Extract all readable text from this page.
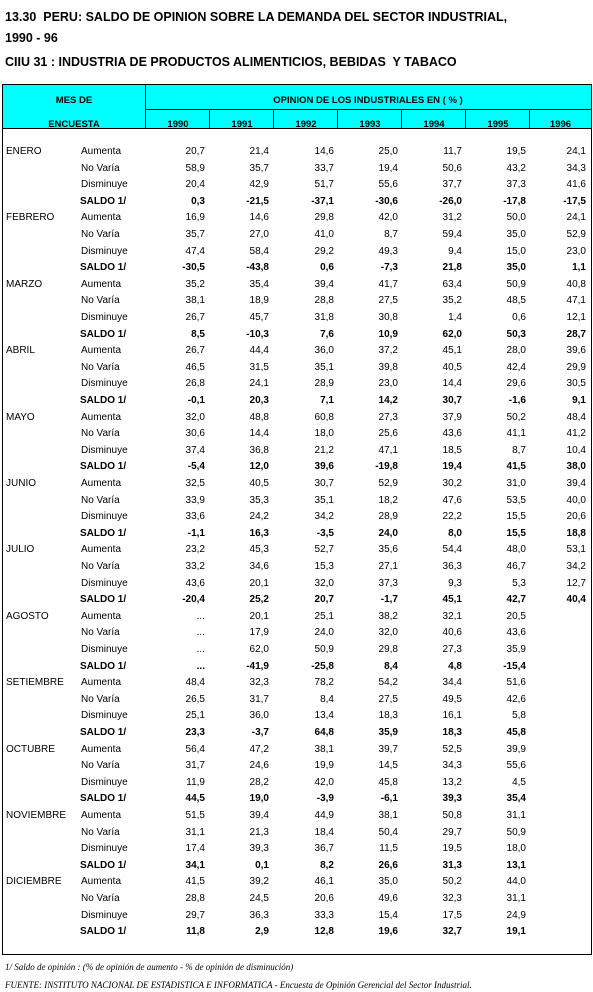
13.30  PERU: SALDO DE OPINION SOBRE LA DEMANDA DEL SECTOR INDUSTRIAL,
1990 - 96
CIIU 31 : INDUSTRIA DE PRODUCTOS ALIMENTICIOS, BEBIDAS  Y TABACO
MES DE
ENCUESTA
OPINION DE LOS INDUSTRIALES EN ( % )
1990	1991	1992	1993	1994	1995	1996
ENERO	Aumenta	20,7	21,4	14,6	25,0	11,7	19,5	24,1
No Varía	58,9	35,7	33,7	19,4	50,6	43,2	34,3
Disminuye	20,4	42,9	51,7	55,6	37,7	37,3	41,6
SALDO 1/	0,3	-21,5	-37,1	-30,6	-26,0	-17,8	-17,5
FEBRERO	Aumenta	16,9	14,6	29,8	42,0	31,2	50,0	24,1
No Varía	35,7	27,0	41,0	8,7	59,4	35,0	52,9
Disminuye	47,4	58,4	29,2	49,3	9,4	15,0	23,0
SALDO 1/	-30,5	-43,8	0,6	-7,3	21,8	35,0	1,1
MARZO	Aumenta	35,2	35,4	39,4	41,7	63,4	50,9	40,8
No Varía	38,1	18,9	28,8	27,5	35,2	48,5	47,1
Disminuye	26,7	45,7	31,8	30,8	1,4	0,6	12,1
SALDO 1/	8,5	-10,3	7,6	10,9	62,0	50,3	28,7
ABRIL	Aumenta	26,7	44,4	36,0	37,2	45,1	28,0	39,6
No Varía	46,5	31,5	35,1	39,8	40,5	42,4	29,9
Disminuye	26,8	24,1	28,9	23,0	14,4	29,6	30,5
SALDO 1/	-0,1	20,3	7,1	14,2	30,7	-1,6	9,1
MAYO	Aumenta	32,0	48,8	60,8	27,3	37,9	50,2	48,4
No Varía	30,6	14,4	18,0	25,6	43,6	41,1	41,2
Disminuye	37,4	36,8	21,2	47,1	18,5	8,7	10,4
SALDO 1/	-5,4	12,0	39,6	-19,8	19,4	41,5	38,0
JUNIO	Aumenta	32,5	40,5	30,7	52,9	30,2	31,0	39,4
No Varía	33,9	35,3	35,1	18,2	47,6	53,5	40,0
Disminuye	33,6	24,2	34,2	28,9	22,2	15,5	20,6
SALDO 1/	-1,1	16,3	-3,5	24,0	8,0	15,5	18,8
JULIO	Aumenta	23,2	45,3	52,7	35,6	54,4	48,0	53,1
No Varía	33,2	34,6	15,3	27,1	36,3	46,7	34,2
Disminuye	43,6	20,1	32,0	37,3	9,3	5,3	12,7
SALDO 1/	-20,4	25,2	20,7	-1,7	45,1	42,7	40,4
AGOSTO	Aumenta	...	20,1	25,1	38,2	32,1	20,5
No Varía	...	17,9	24,0	32,0	40,6	43,6
Disminuye	...	62,0	50,9	29,8	27,3	35,9
SALDO 1/	...	-41,9	-25,8	8,4	4,8	-15,4
SETIEMBRE Aumenta	48,4	32,3	78,2	54,2	34,4	51,6
No Varía	26,5	31,7	8,4	27,5	49,5	42,6
Disminuye	25,1	36,0	13,4	18,3	16,1	5,8
SALDO 1/	23,3	-3,7	64,8	35,9	18,3	45,8
OCTUBRE	Aumenta	56,4	47,2	38,1	39,7	52,5	39,9
No Varía	31,7	24,6	19,9	14,5	34,3	55,6
Disminuye	11,9	28,2	42,0	45,8	13,2	4,5
SALDO 1/	44,5	19,0	-3,9	-6,1	39,3	35,4
NOVIEMBRE Aumenta	51,5	39,4	44,9	38,1	50,8	31,1
No Varía	31,1	21,3	18,4	50,4	29,7	50,9
Disminuye	17,4	39,3	36,7	11,5	19,5	18,0
SALDO 1/	34,1	0,1	8,2	26,6	31,3	13,1
DICIEMBRE Aumenta	41,5	39,2	46,1	35,0	50,2	44,0
No Varía	28,8	24,5	20,6	49,6	32,3	31,1
Disminuye	29,7	36,3	33,3	15,4	17,5	24,9
SALDO 1/	11,8	2,9	12,8	19,6	32,7	19,1
1/ Saldo de opinión : (% de opinión de aumento - % de opinión de disminución)
FUENTE: INSTITUTO NACIONAL DE ESTADISTICA E INFORMATICA - Encuesta de Opinión Gerencial del Sector Industrial.
